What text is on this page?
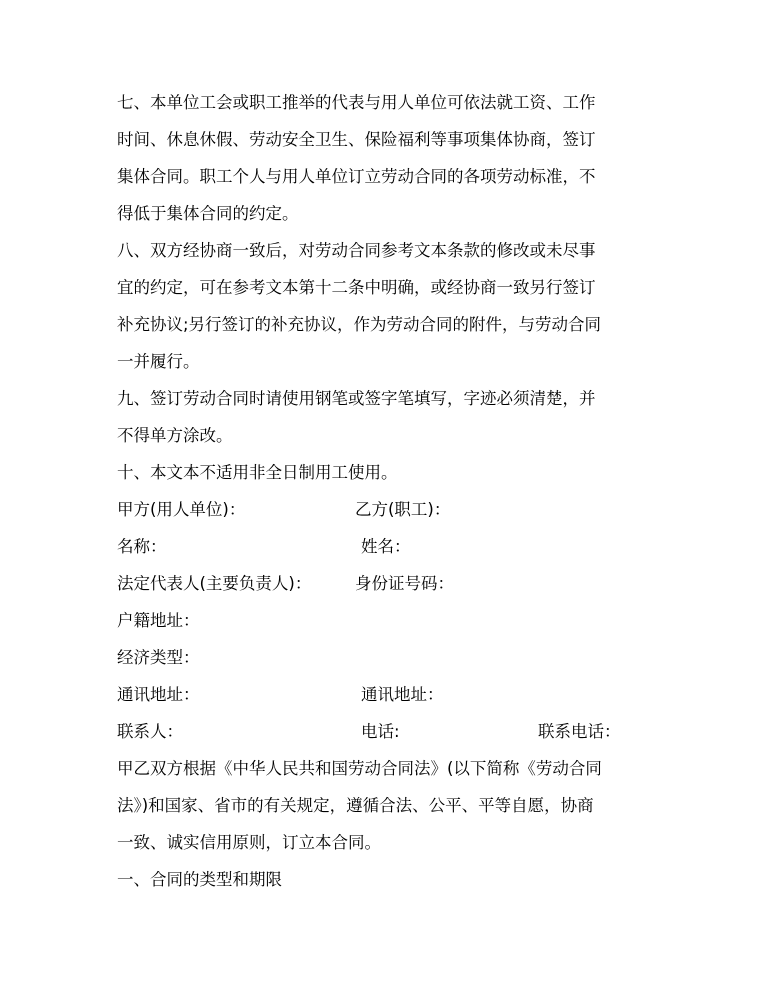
七、本单位工会或职工推举的代表与用人单位可依法就工资、工作
时间、休息休假、劳动安全卫生、保险福利等事项集体协商，签订
集体合同。职工个人与用人单位订立劳动合同的各项劳动标准，不
得低于集体合同的约定。
八、双方经协商一致后，对劳动合同参考文本条款的修改或未尽事
宜的约定，可在参考文本第十二条中明确，或经协商一致另行签订
补充协议;另行签订的补充协议，作为劳动合同的附件，与劳动合同
一并履行。
九、签订劳动合同时请使用钢笔或签字笔填写，字迹必须清楚，并
不得单方涂改。
十、本文本不适用非全日制用工使用。
甲方(用人单位)：	乙方(职工)：
名称：	姓名：
法定代表人(主要负责人)：	身份证号码：
户籍地址：
经济类型：
通讯地址：	通讯地址：
联系人：	电话:	联系电话：
甲乙双方根据《中华人民共和国劳动合同法》(以下简称《劳动合同
法》)和国家、省市的有关规定，遵循合法、公平、平等自愿，协商
一致、诚实信用原则，订立本合同。
一、合同的类型和期限
